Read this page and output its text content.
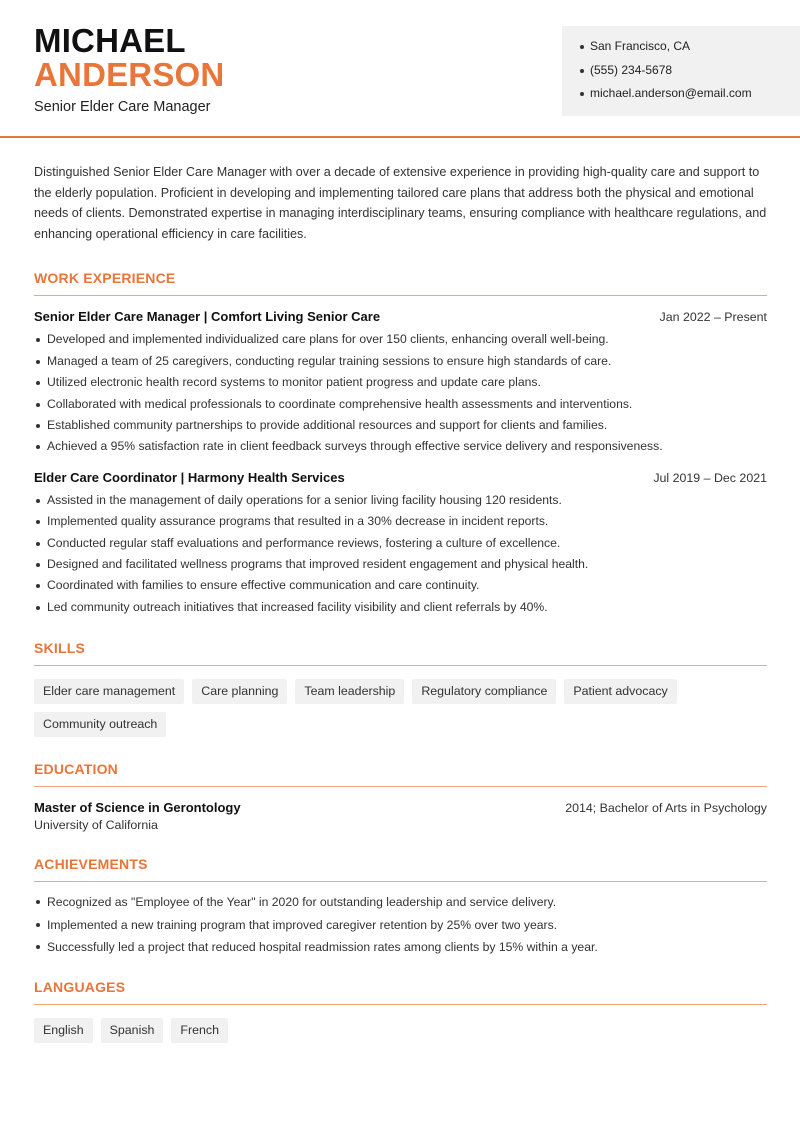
MICHAEL
ANDERSON
Senior Elder Care Manager
San Francisco, CA
(555) 234-5678
michael.anderson@email.com

Distinguished Senior Elder Care Manager with over a decade of extensive experience in providing high-quality care and support to the elderly population. Proficient in developing and implementing tailored care plans that address both the physical and emotional needs of clients. Demonstrated expertise in managing interdisciplinary teams, ensuring compliance with healthcare regulations, and enhancing operational efficiency in care facilities.

WORK EXPERIENCE
Senior Elder Care Manager | Comfort Living Senior Care	Jan 2022 – Present
Developed and implemented individualized care plans for over 150 clients, enhancing overall well-being.
Managed a team of 25 caregivers, conducting regular training sessions to ensure high standards of care.
Utilized electronic health record systems to monitor patient progress and update care plans.
Collaborated with medical professionals to coordinate comprehensive health assessments and interventions.
Established community partnerships to provide additional resources and support for clients and families.
Achieved a 95% satisfaction rate in client feedback surveys through effective service delivery and responsiveness.
Elder Care Coordinator | Harmony Health Services	Jul 2019 – Dec 2021
Assisted in the management of daily operations for a senior living facility housing 120 residents.
Implemented quality assurance programs that resulted in a 30% decrease in incident reports.
Conducted regular staff evaluations and performance reviews, fostering a culture of excellence.
Designed and facilitated wellness programs that improved resident engagement and physical health.
Coordinated with families to ensure effective communication and care continuity.
Led community outreach initiatives that increased facility visibility and client referrals by 40%.
SKILLS
Elder care management	Care planning	Team leadership	Regulatory compliance	Patient advocacy
Community outreach
EDUCATION
Master of Science in Gerontology	2014; Bachelor of Arts in Psychology
University of California
ACHIEVEMENTS
Recognized as "Employee of the Year" in 2020 for outstanding leadership and service delivery.
Implemented a new training program that improved caregiver retention by 25% over two years.
Successfully led a project that reduced hospital readmission rates among clients by 15% within a year.
LANGUAGES
English	Spanish	French
